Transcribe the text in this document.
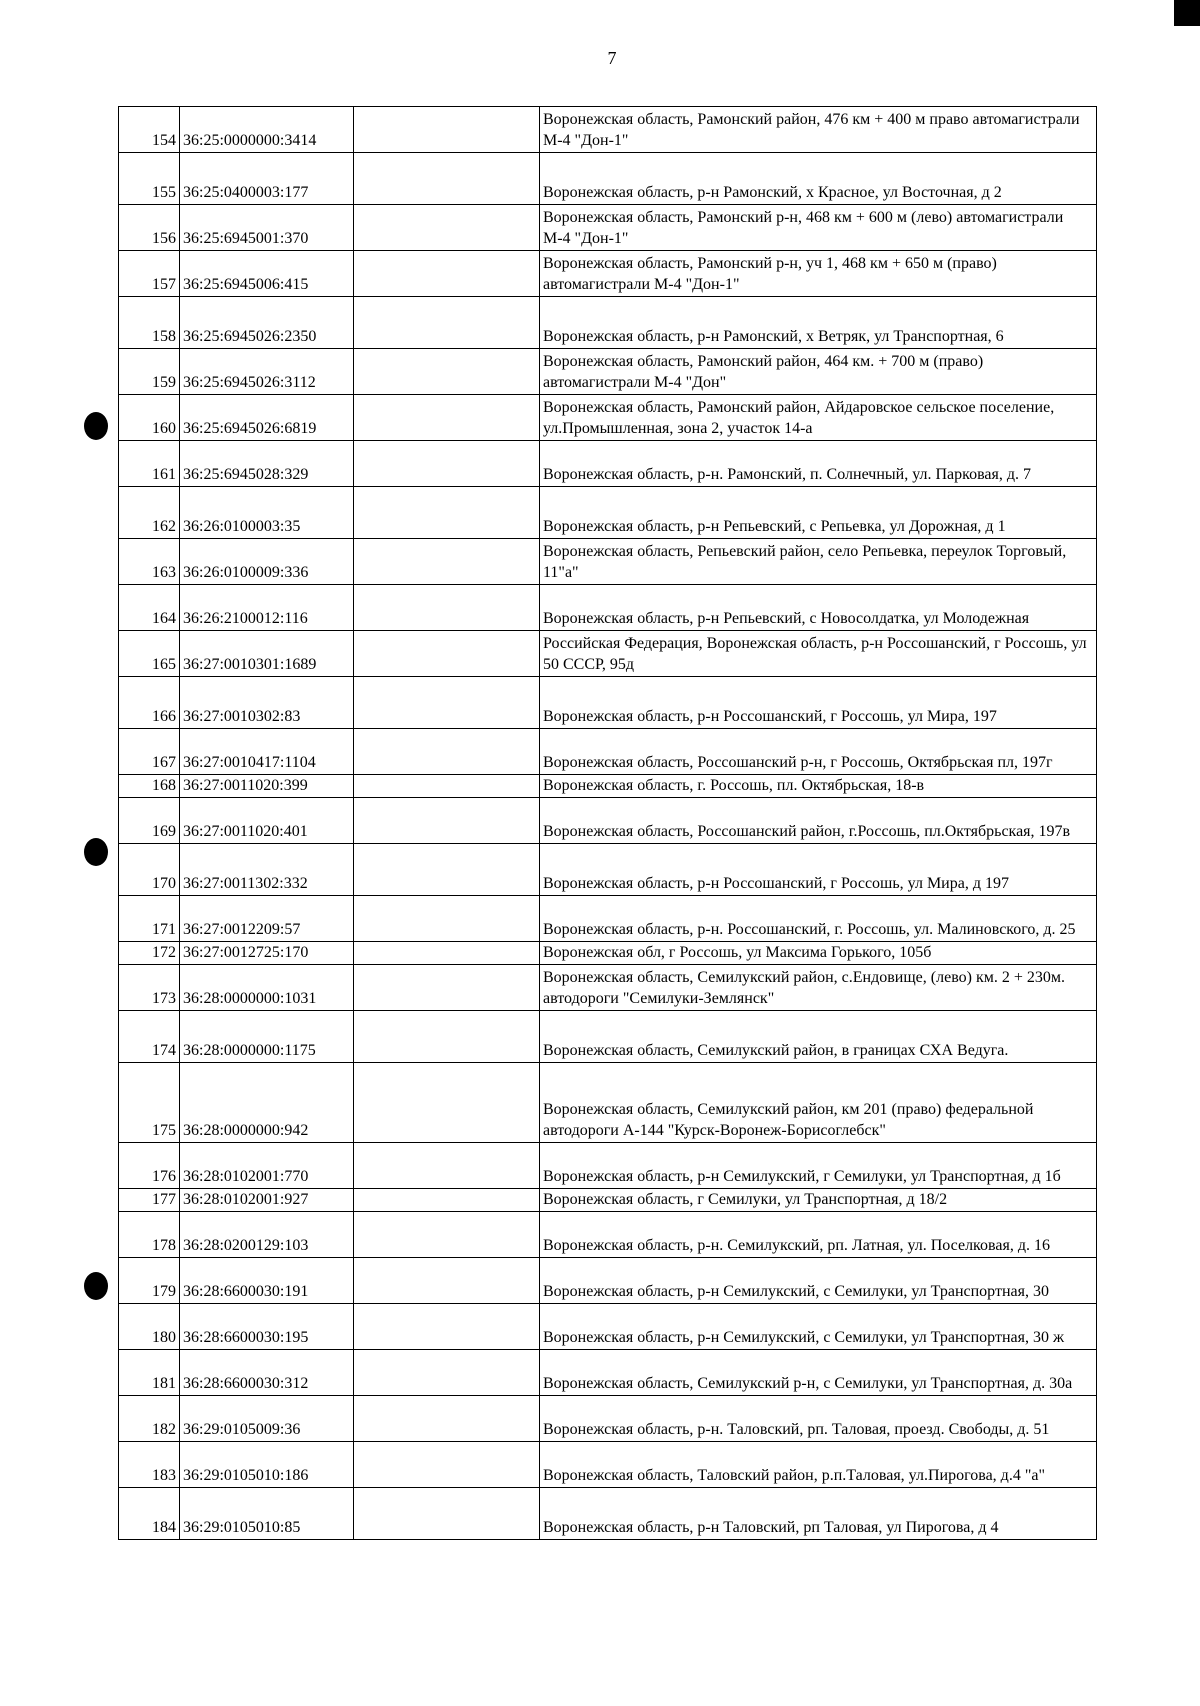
7
154	36:25:0000000:3414		Воронежская область, Рамонский район, 476 км + 400 м право автомагистрали М-4 "Дон-1"
155	36:25:0400003:177		Воронежская область, р-н Рамонский, х Красное, ул Восточная, д 2
156	36:25:6945001:370		Воронежская область, Рамонский р-н, 468 км + 600 м (лево) автомагистрали М-4 "Дон-1"
157	36:25:6945006:415		Воронежская область, Рамонский р-н, уч 1, 468 км + 650 м (право) автомагистрали М-4 "Дон-1"
158	36:25:6945026:2350		Воронежская область, р-н Рамонский, х Ветряк, ул Транспортная, 6
159	36:25:6945026:3112		Воронежская область, Рамонский район, 464 км. + 700 м (право) автомагистрали М-4 "Дон"
160	36:25:6945026:6819		Воронежская область, Рамонский район, Айдаровское сельское поселение, ул.Промышленная, зона 2, участок 14-а
161	36:25:6945028:329		Воронежская область, р-н. Рамонский, п. Солнечный, ул. Парковая, д. 7
162	36:26:0100003:35		Воронежская область, р-н Репьевский, с Репьевка, ул Дорожная, д 1
163	36:26:0100009:336		Воронежская область, Репьевский район, село Репьевка, переулок Торговый, 11"а"
164	36:26:2100012:116		Воронежская область, р-н Репьевский, с Новосолдатка, ул Молодежная
165	36:27:0010301:1689		Российская Федерация, Воронежская область, р-н Россошанский, г Россошь, ул 50 СССР, 95д
166	36:27:0010302:83		Воронежская область, р-н Россошанский, г Россошь, ул Мира, 197
167	36:27:0010417:1104		Воронежская область, Россошанский р-н, г Россошь, Октябрьская пл, 197г
168	36:27:0011020:399		Воронежская область, г. Россошь, пл. Октябрьская, 18-в
169	36:27:0011020:401		Воронежская область, Россошанский район, г.Россошь, пл.Октябрьская, 197в
170	36:27:0011302:332		Воронежская область, р-н Россошанский, г Россошь, ул Мира, д 197
171	36:27:0012209:57		Воронежская область, р-н. Россошанский, г. Россошь, ул. Малиновского, д. 25
172	36:27:0012725:170		Воронежская обл, г Россошь, ул Максима Горького, 105б
173	36:28:0000000:1031		Воронежская область, Семилукский район, с.Ендовище, (лево) км. 2 + 230м. автодороги "Семилуки-Землянск"
174	36:28:0000000:1175		Воронежская область, Семилукский район, в границах СХА Ведуга.
175	36:28:0000000:942		Воронежская область, Семилукский район, км 201 (право) федеральной автодороги А-144 "Курск-Воронеж-Борисоглебск"
176	36:28:0102001:770		Воронежская область, р-н Семилукский, г Семилуки, ул Транспортная, д 1б
177	36:28:0102001:927		Воронежская область, г Семилуки, ул Транспортная, д 18/2
178	36:28:0200129:103		Воронежская область, р-н. Семилукский, рп. Латная, ул. Поселковая, д. 16
179	36:28:6600030:191		Воронежская область, р-н Семилукский, с Семилуки, ул Транспортная, 30
180	36:28:6600030:195		Воронежская область, р-н Семилукский, с Семилуки, ул Транспортная, 30 ж
181	36:28:6600030:312		Воронежская область, Семилукский р-н, с Семилуки, ул Транспортная, д. 30а
182	36:29:0105009:36		Воронежская область, р-н. Таловский, рп. Таловая, проезд. Свободы, д. 51
183	36:29:0105010:186		Воронежская область, Таловский район, р.п.Таловая, ул.Пирогова, д.4 "а"
184	36:29:0105010:85		Воронежская область, р-н Таловский, рп Таловая, ул Пирогова, д 4
